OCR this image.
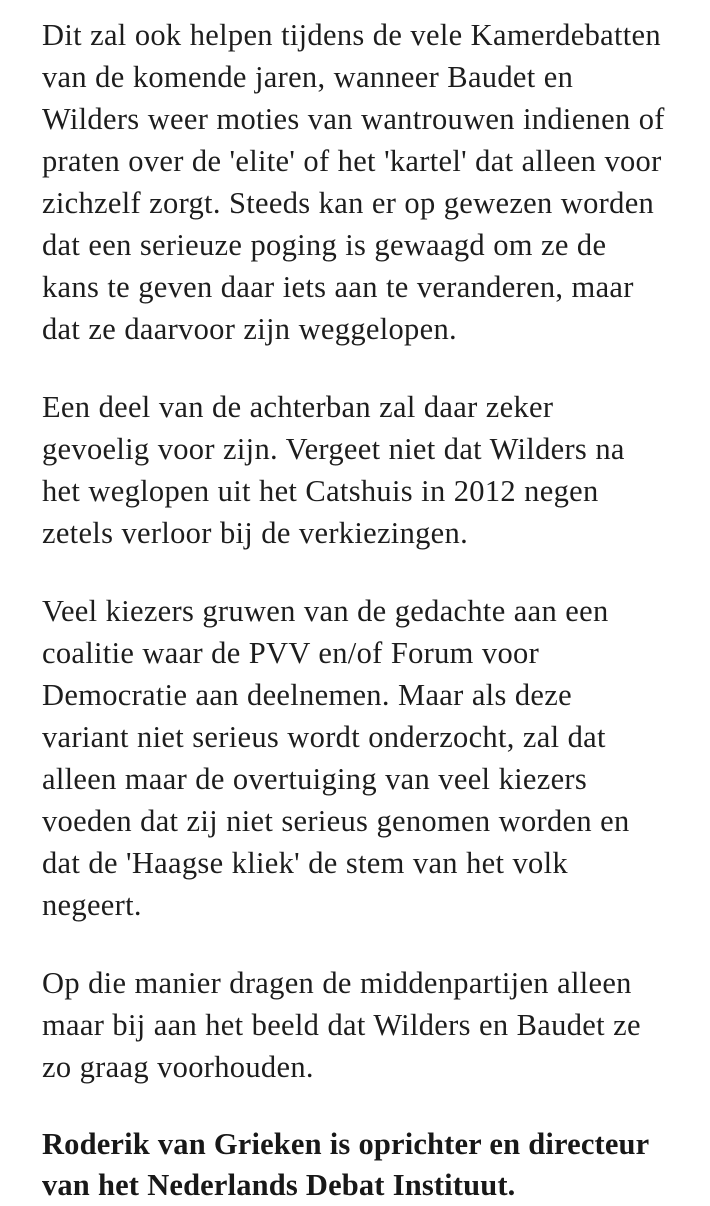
Dit zal ook helpen tijdens de vele Kamerdebatten van de komende jaren, wanneer Baudet en Wilders weer moties van wantrouwen indienen of praten over de 'elite' of het 'kartel' dat alleen voor zichzelf zorgt. Steeds kan er op gewezen worden dat een serieuze poging is gewaagd om ze de kans te geven daar iets aan te veranderen, maar dat ze daarvoor zijn weggelopen.

Een deel van de achterban zal daar zeker gevoelig voor zijn. Vergeet niet dat Wilders na het weglopen uit het Catshuis in 2012 negen zetels verloor bij de verkiezingen.

Veel kiezers gruwen van de gedachte aan een coalitie waar de PVV en/of Forum voor Democratie aan deelnemen. Maar als deze variant niet serieus wordt onderzocht, zal dat alleen maar de overtuiging van veel kiezers voeden dat zij niet serieus genomen worden en dat de 'Haagse kliek' de stem van het volk negeert.

Op die manier dragen de middenpartijen alleen maar bij aan het beeld dat Wilders en Baudet ze zo graag voorhouden.

Roderik van Grieken is oprichter en directeur van het Nederlands Debat Instituut.
